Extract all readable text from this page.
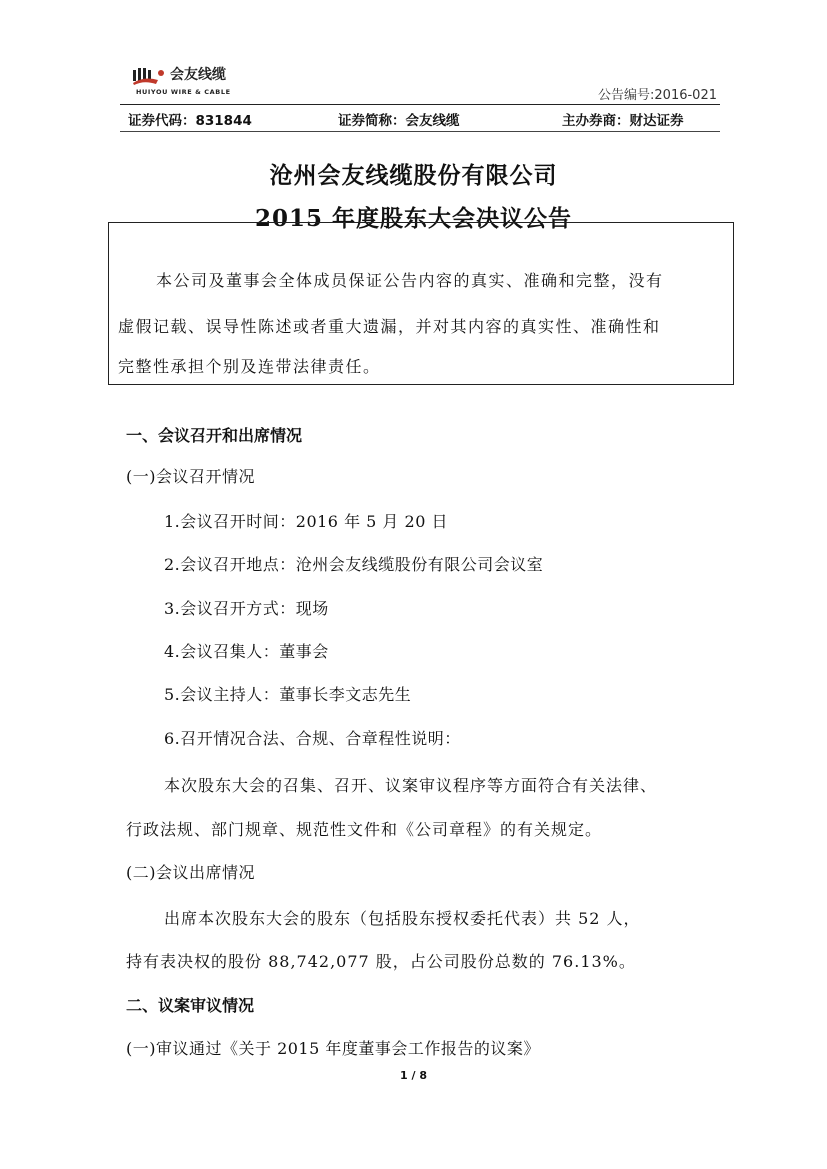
会友线缆
HUIYOU WIRE & CABLE	公告编号:2016-021
证券代码：831844	证券简称：会友线缆	主办券商：财达证券
沧州会友线缆股份有限公司
2015 年度股东大会决议公告
本公司及董事会全体成员保证公告内容的真实、准确和完整，没有
虚假记载、误导性陈述或者重大遗漏，并对其内容的真实性、准确性和
完整性承担个别及连带法律责任。
一、会议召开和出席情况
(一)会议召开情况
1.会议召开时间：2016 年 5 月 20 日
2.会议召开地点：沧州会友线缆股份有限公司会议室
3.会议召开方式：现场
4.会议召集人：董事会
5.会议主持人：董事长李文志先生
6.召开情况合法、合规、合章程性说明：
本次股东大会的召集、召开、议案审议程序等方面符合有关法律、
行政法规、部门规章、规范性文件和《公司章程》的有关规定。
(二)会议出席情况
出席本次股东大会的股东（包括股东授权委托代表）共 52 人，
持有表决权的股份 88,742,077 股，占公司股份总数的 76.13%。
二、议案审议情况
(一)审议通过《关于 2015 年度董事会工作报告的议案》
1 / 8
